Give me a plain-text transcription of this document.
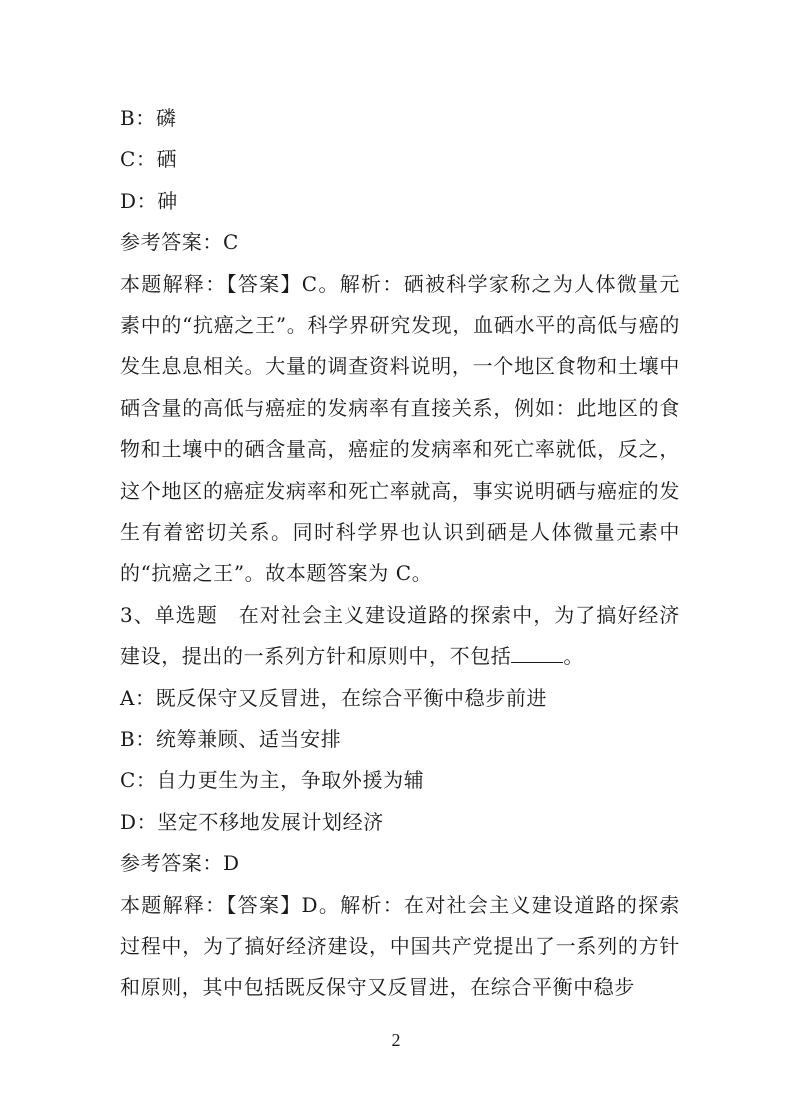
B：磷
C：硒
D：砷
参考答案：C
本题解释：【答案】C。解析：硒被科学家称之为人体微量元素中的“抗癌之王”。科学界研究发现，血硒水平的高低与癌的发生息息相关。大量的调查资料说明，一个地区食物和土壤中硒含量的高低与癌症的发病率有直接关系，例如：此地区的食物和土壤中的硒含量高，癌症的发病率和死亡率就低，反之，这个地区的癌症发病率和死亡率就高，事实说明硒与癌症的发生有着密切关系。同时科学界也认识到硒是人体微量元素中的“抗癌之王”。故本题答案为 C。
3、单选题　在对社会主义建设道路的探索中，为了搞好经济建设，提出的一系列方针和原则中，不包括	。
A：既反保守又反冒进，在综合平衡中稳步前进
B：统筹兼顾、适当安排
C：自力更生为主，争取外援为辅
D：坚定不移地发展计划经济
参考答案：D
本题解释：【答案】D。解析：在对社会主义建设道路的探索过程中，为了搞好经济建设，中国共产党提出了一系列的方针和原则，其中包括既反保守又反冒进，在综合平衡中稳步
2
